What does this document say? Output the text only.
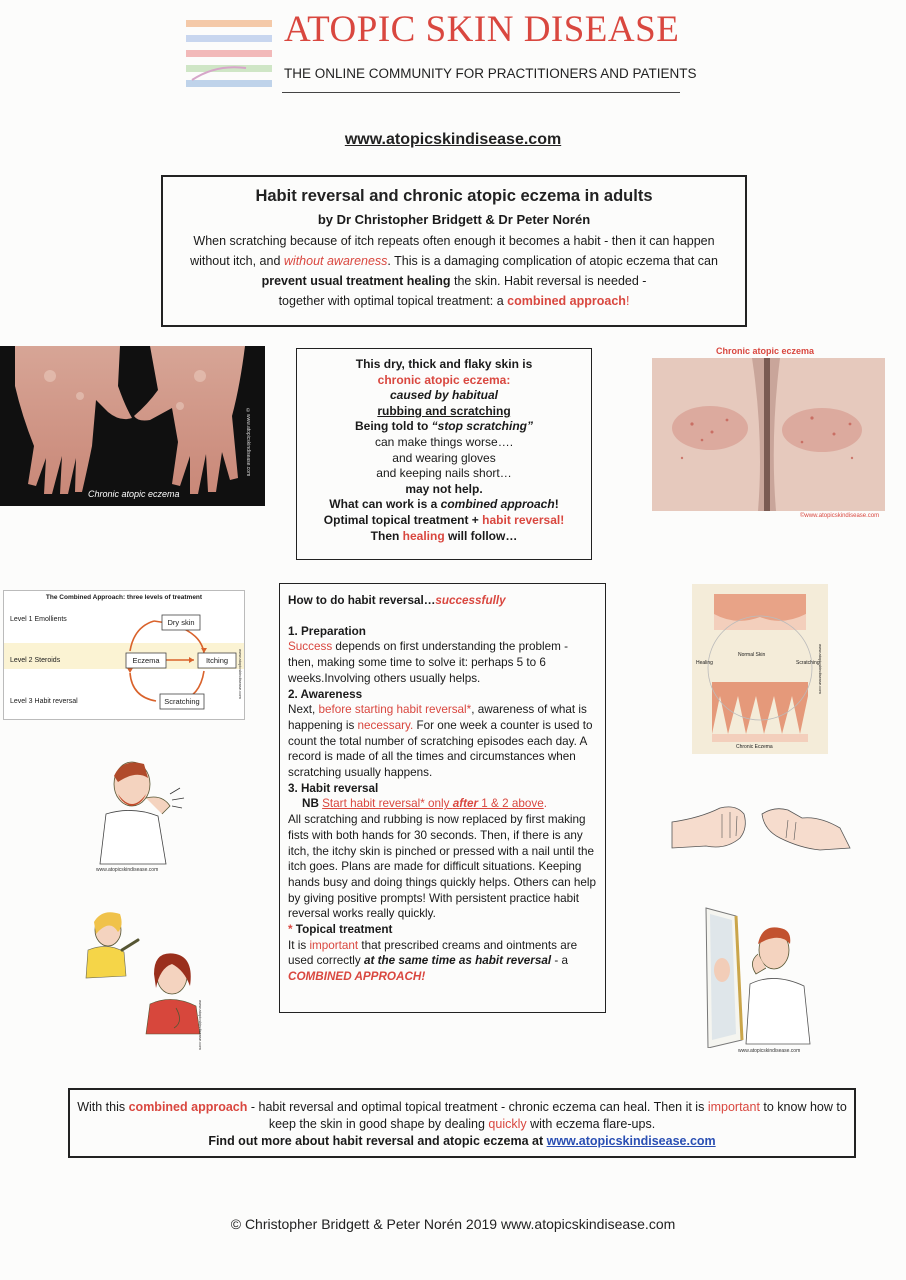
ATOPIC SKIN DISEASE
THE ONLINE COMMUNITY FOR PRACTITIONERS AND PATIENTS
www.atopicskindisease.com
Habit reversal and chronic atopic eczema in adults
by Dr Christopher Bridgett & Dr Peter Norén
When scratching because of itch repeats often enough it becomes a habit - then it can happen without itch, and without awareness. This is a damaging complication of atopic eczema that can prevent usual treatment healing the skin. Habit reversal is needed -
together with optimal topical treatment: a combined approach!
Chronic atopic eczema
©www.atopicskindisease.com
This dry, thick and flaky skin is
chronic atopic eczema:
caused by habitual
rubbing and scratching
Being told to “stop scratching”
can make things worse….
and wearing gloves
and keeping nails short…
may not help.
What can work is a combined approach!
Optimal topical treatment + habit reversal!
Then healing will follow…
Chronic atopic eczema
©www.atopicskindisease.com
The Combined Approach: three levels of treatment
Level 1 Emollients
Level 2 Steroids
Level 3 Habit reversal
Dry skin
Eczema	Itching
Scratching
www.atopicskindisease.com

How to do habit reversal…successfully

1. Preparation

Success depends on first understanding the problem - then, making some time to solve it: perhaps 5 to 6 weeks.Involving others usually helps.

2. Awareness

Next, before starting habit reversal*, awareness of what is happening is necessary. For one week a counter is used to count the total number of scratching episodes each day. A record is made of all the times and circumstances when scratching usually happens.

3. Habit reversal

NB Start habit reversal* only after 1 & 2 above.

All scratching and rubbing is now replaced by first making fists with both hands for 30 seconds. Then, if there is any itch, the itchy skin is pinched or pressed with a nail until the itch goes. Plans are made for difficult situations. Keeping hands busy and doing things quickly helps. Others can help by giving positive prompts! With persistent practice habit reversal works really quickly.

* Topical treatment

It is important that prescribed creams and ointments are used correctly at the same time as habit reversal - a COMBINED APPROACH!

Normal Skin
Healing	Scratching
Chronic Eczema
www.atopicskindisease.com
www.atopicskindisease.com
www.atopicskindisease.com
www.atopicskindisease.com
With this combined approach - habit reversal and optimal topical treatment - chronic eczema can heal. Then it is important to know how to keep the skin in good shape by dealing quickly with eczema flare-ups.
Find out more about habit reversal and atopic eczema at www.atopicskindisease.com
© Christopher Bridgett & Peter Norén 2019 www.atopicskindisease.com
